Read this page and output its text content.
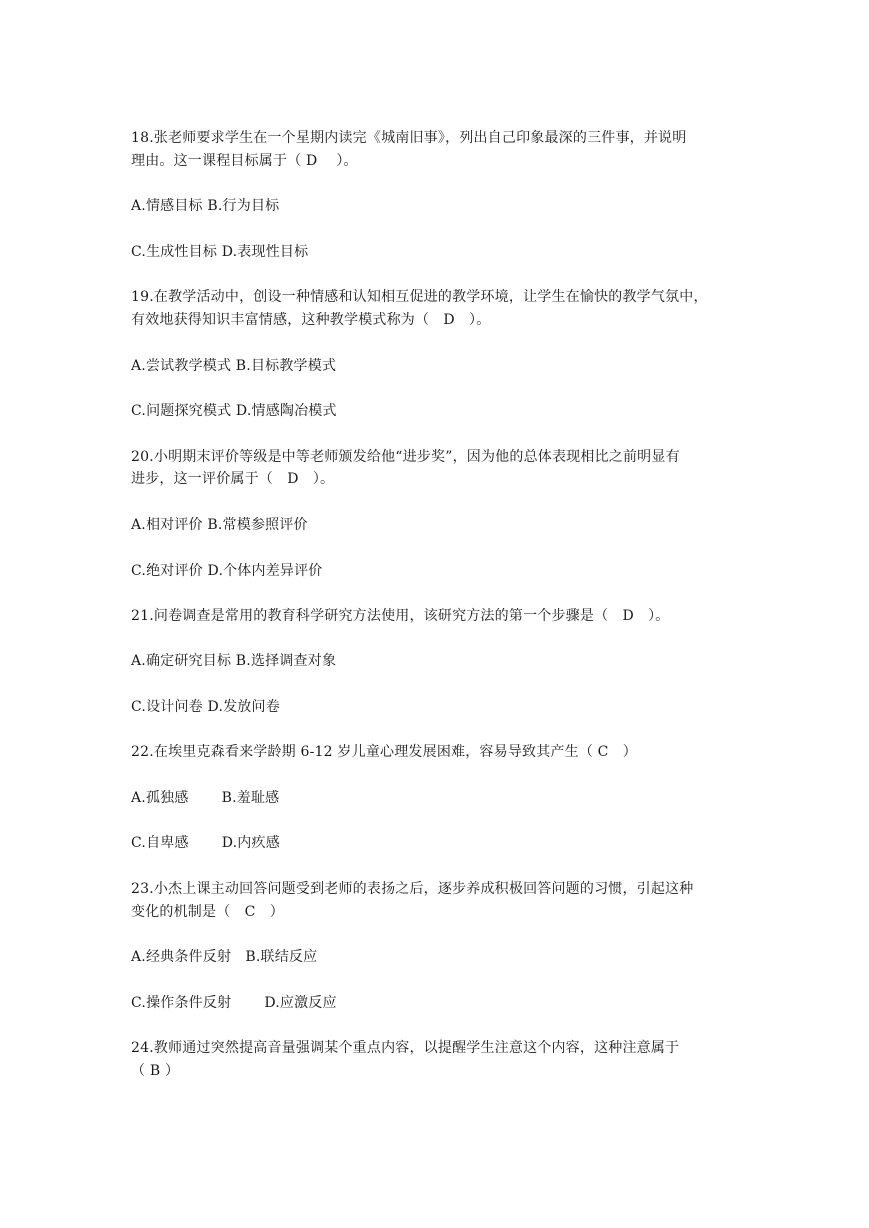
18.张老师要求学生在一个星期内读完《城南旧事》，列出自己印象最深的三件事，并说明
理由。这一课程目标属于（ D　 ）。
A.情感目标 B.行为目标
C.生成性目标 D.表现性目标
19.在教学活动中，创设一种情感和认知相互促进的教学环境，让学生在愉快的教学气氛中，
有效地获得知识丰富情感，这种教学模式称为（　D　）。
A.尝试教学模式 B.目标教学模式
C.问题探究模式 D.情感陶冶模式
20.小明期末评价等级是中等老师颁发给他“进步奖”，因为他的总体表现相比之前明显有
进步，这一评价属于（　D　）。
A.相对评价 B.常模参照评价
C.绝对评价 D.个体内差异评价
21.问卷调查是常用的教育科学研究方法使用，该研究方法的第一个步骤是（　D　）。
A.确定研究目标 B.选择调查对象
C.设计问卷 D.发放问卷
22.在埃里克森看来学龄期 6-12 岁儿童心理发展困难，容易导致其产生（ C　）
A.孤独感　　 B.羞耻感
C.自卑感　　 D.内疚感
23.小杰上课主动回答问题受到老师的表扬之后，逐步养成积极回答问题的习惯，引起这种
变化的机制是（　C　）
A.经典条件反射　B.联结反应
C.操作条件反射　　 D.应激反应
24.教师通过突然提高音量强调某个重点内容，以提醒学生注意这个内容，这种注意属于
（ B ）
